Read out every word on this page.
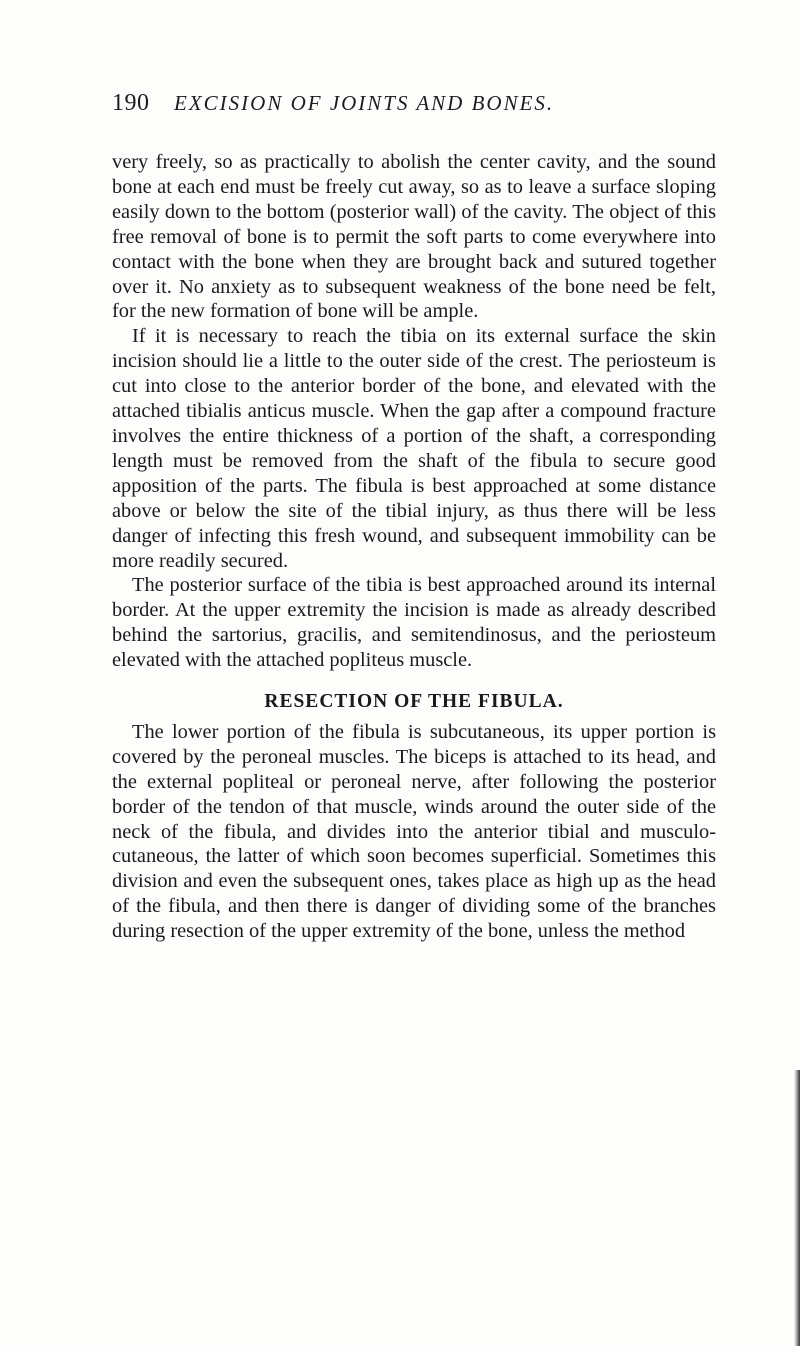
190 EXCISION OF JOINTS AND BONES.

very freely, so as practically to abolish the center cavity, and the sound bone at each end must be freely cut away, so as to leave a surface sloping easily down to the bottom (posterior wall) of the cavity. The object of this free removal of bone is to permit the soft parts to come everywhere into contact with the bone when they are brought back and sutured together over it. No anxiety as to subsequent weakness of the bone need be felt, for the new formation of bone will be ample.

If it is necessary to reach the tibia on its external surface the skin incision should lie a little to the outer side of the crest. The periosteum is cut into close to the anterior border of the bone, and elevated with the attached tibialis anticus muscle. When the gap after a compound fracture involves the entire thickness of a portion of the shaft, a corresponding length must be removed from the shaft of the fibula to secure good apposition of the parts. The fibula is best approached at some distance above or below the site of the tibial injury, as thus there will be less danger of infecting this fresh wound, and subsequent immobility can be more readily secured.

The posterior surface of the tibia is best approached around its internal border. At the upper extremity the incision is made as already described behind the sartorius, gracilis, and semitendinosus, and the periosteum elevated with the attached popliteus muscle.

RESECTION OF THE FIBULA.

The lower portion of the fibula is subcutaneous, its upper portion is covered by the peroneal muscles. The biceps is attached to its head, and the external popliteal or peroneal nerve, after following the posterior border of the tendon of that muscle, winds around the outer side of the neck of the fibula, and divides into the anterior tibial and musculo-cutaneous, the latter of which soon becomes superficial. Sometimes this division and even the subsequent ones, takes place as high up as the head of the fibula, and then there is danger of dividing some of the branches during resection of the upper extremity of the bone, unless the method
